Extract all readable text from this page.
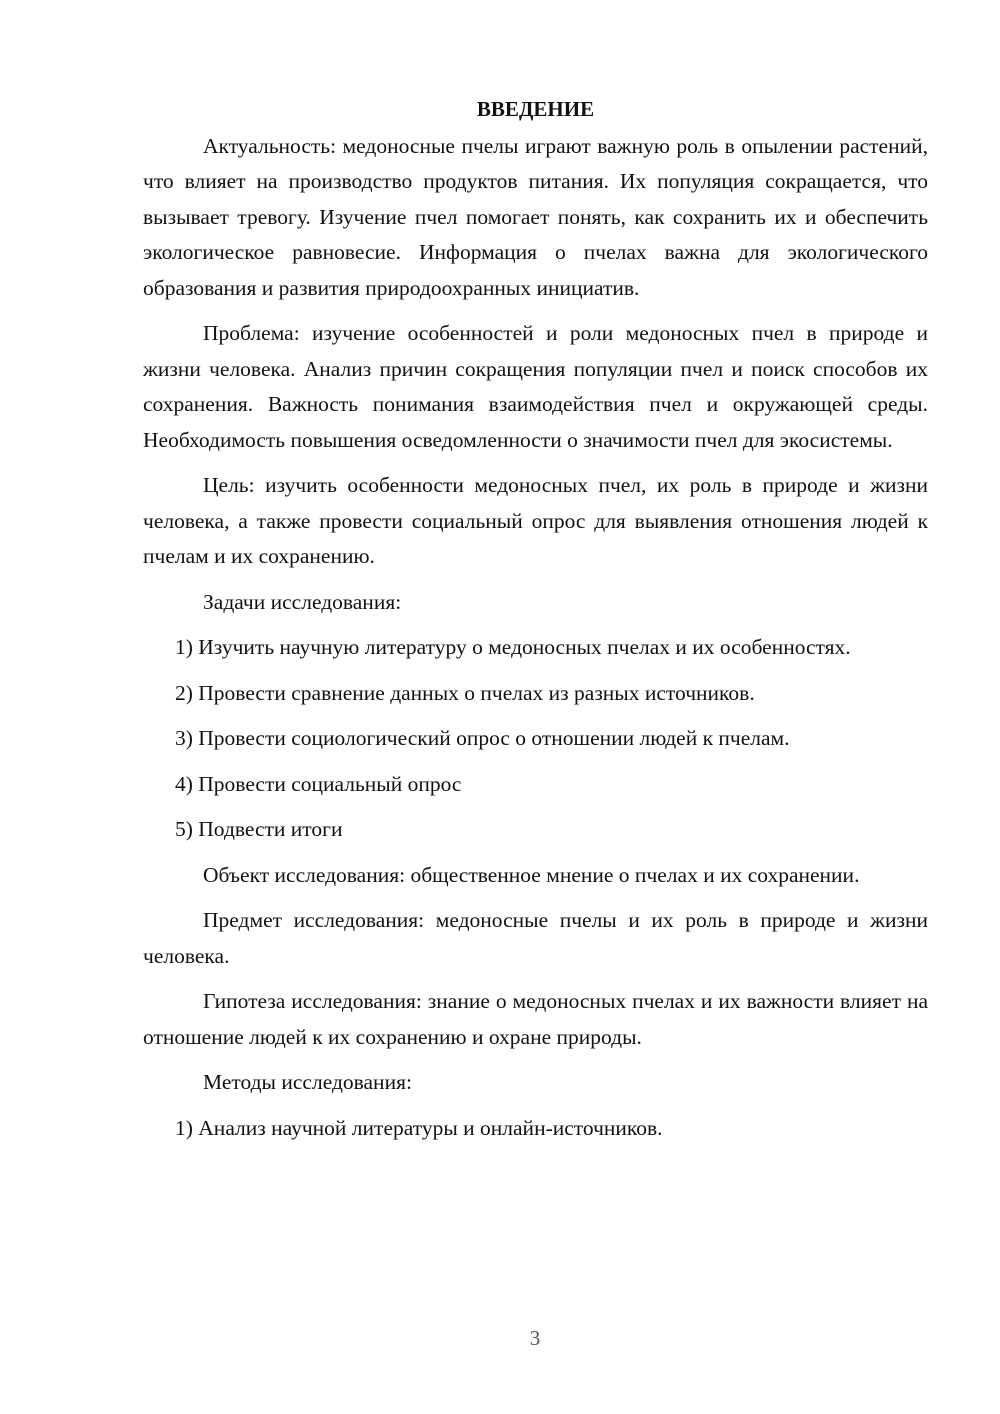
ВВЕДЕНИЕ

Актуальность: медоносные пчелы играют важную роль в опылении растений, что влияет на производство продуктов питания. Их популяция сокращается, что вызывает тревогу. Изучение пчел помогает понять, как сохранить их и обеспечить экологическое равновесие. Информация о пчелах важна для экологического образования и развития природоохранных инициатив.

Проблема: изучение особенностей и роли медоносных пчел в природе и жизни человека. Анализ причин сокращения популяции пчел и поиск способов их сохранения. Важность понимания взаимодействия пчел и окружающей среды. Необходимость повышения осведомленности о значимости пчел для экосистемы.

Цель: изучить особенности медоносных пчел, их роль в природе и жизни человека, а также провести социальный опрос для выявления отношения людей к пчелам и их сохранению.

Задачи исследования:

1) Изучить научную литературу о медоносных пчелах и их особенностях.

2) Провести сравнение данных о пчелах из разных источников.

3) Провести социологический опрос о отношении людей к пчелам.

4) Провести социальный опрос

5) Подвести итоги

Объект исследования: общественное мнение о пчелах и их сохранении.

Предмет исследования: медоносные пчелы и их роль в природе и жизни человека.

Гипотеза исследования: знание о медоносных пчелах и их важности влияет на отношение людей к их сохранению и охране природы.

Методы исследования:

1) Анализ научной литературы и онлайн-источников.

3
